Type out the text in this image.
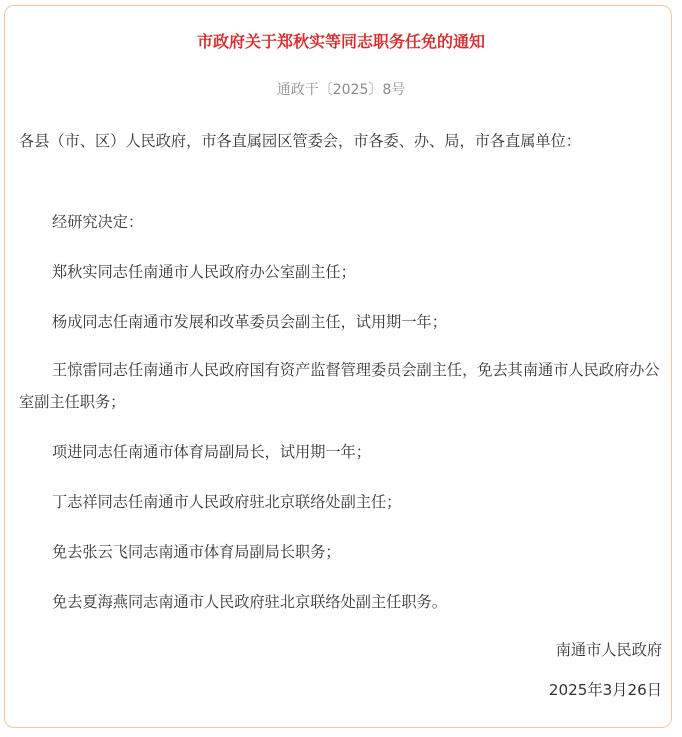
市政府关于郑秋实等同志职务任免的通知
通政干〔2025〕8号
各县（市、区）人民政府，市各直属园区管委会，市各委、办、局，市各直属单位：
经研究决定：
郑秋实同志任南通市人民政府办公室副主任；
杨成同志任南通市发展和改革委员会副主任，试用期一年；
王惊雷同志任南通市人民政府国有资产监督管理委员会副主任，免去其南通市人民政府办公室副主任职务；
项进同志任南通市体育局副局长，试用期一年；
丁志祥同志任南通市人民政府驻北京联络处副主任；
免去张云飞同志南通市体育局副局长职务；
免去夏海燕同志南通市人民政府驻北京联络处副主任职务。
南通市人民政府
2025年3月26日
